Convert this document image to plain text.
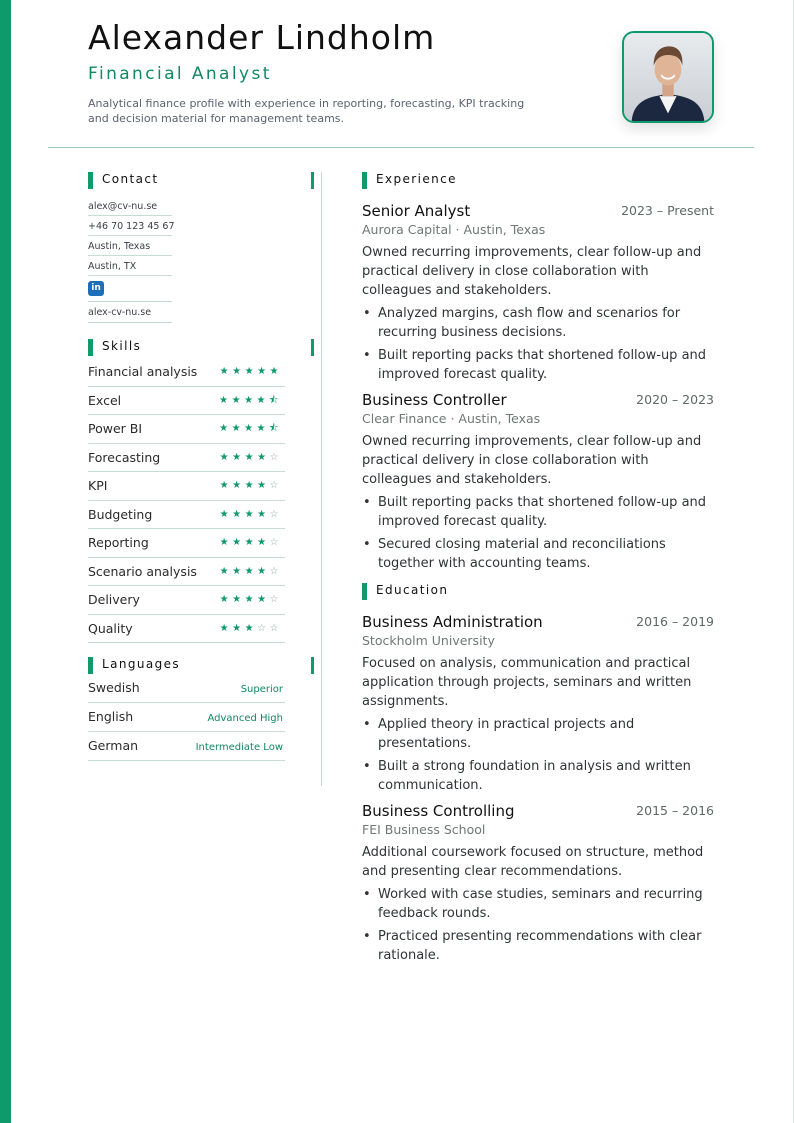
Alexander Lindholm
Financial Analyst

Analytical finance profile with experience in reporting, forecasting, KPI tracking and decision material for management teams.

Contact
alex@cv-nu.se
+46 70 123 45 67
Austin, Texas
Austin, TX
in
alex-cv-nu.se
Skills
Financial analysis ★★★★★
Excel	★★★★⯪
Power BI	★★★★⯪
Forecasting	★★★★☆
KPI	★★★★☆
Budgeting	★★★★☆
Reporting	★★★★☆
Scenario analysis ★★★★☆
Delivery	★★★★☆
Quality	★★★☆☆
Languages
Swedish	Superior
English	Advanced High
German	Intermediate Low
Experience
Senior Analyst	2023 – Present
Aurora Capital · Austin, Texas

Owned recurring improvements, clear follow-up and practical delivery in close collaboration with colleagues and stakeholders.

• Analyzed margins, cash flow and scenarios for recurring business decisions.
• Built reporting packs that shortened follow-up and improved forecast quality.
Business Controller	2020 – 2023
Clear Finance · Austin, Texas

Owned recurring improvements, clear follow-up and practical delivery in close collaboration with colleagues and stakeholders.

• Built reporting packs that shortened follow-up and improved forecast quality.
• Secured closing material and reconciliations together with accounting teams.
Education
Business Administration	2016 – 2019
Stockholm University

Focused on analysis, communication and practical application through projects, seminars and written assignments.

• Applied theory in practical projects and presentations.
• Built a strong foundation in analysis and written communication.
Business Controlling	2015 – 2016
FEI Business School

Additional coursework focused on structure, method and presenting clear recommendations.

• Worked with case studies, seminars and recurring feedback rounds.
• Practiced presenting recommendations with clear rationale.
